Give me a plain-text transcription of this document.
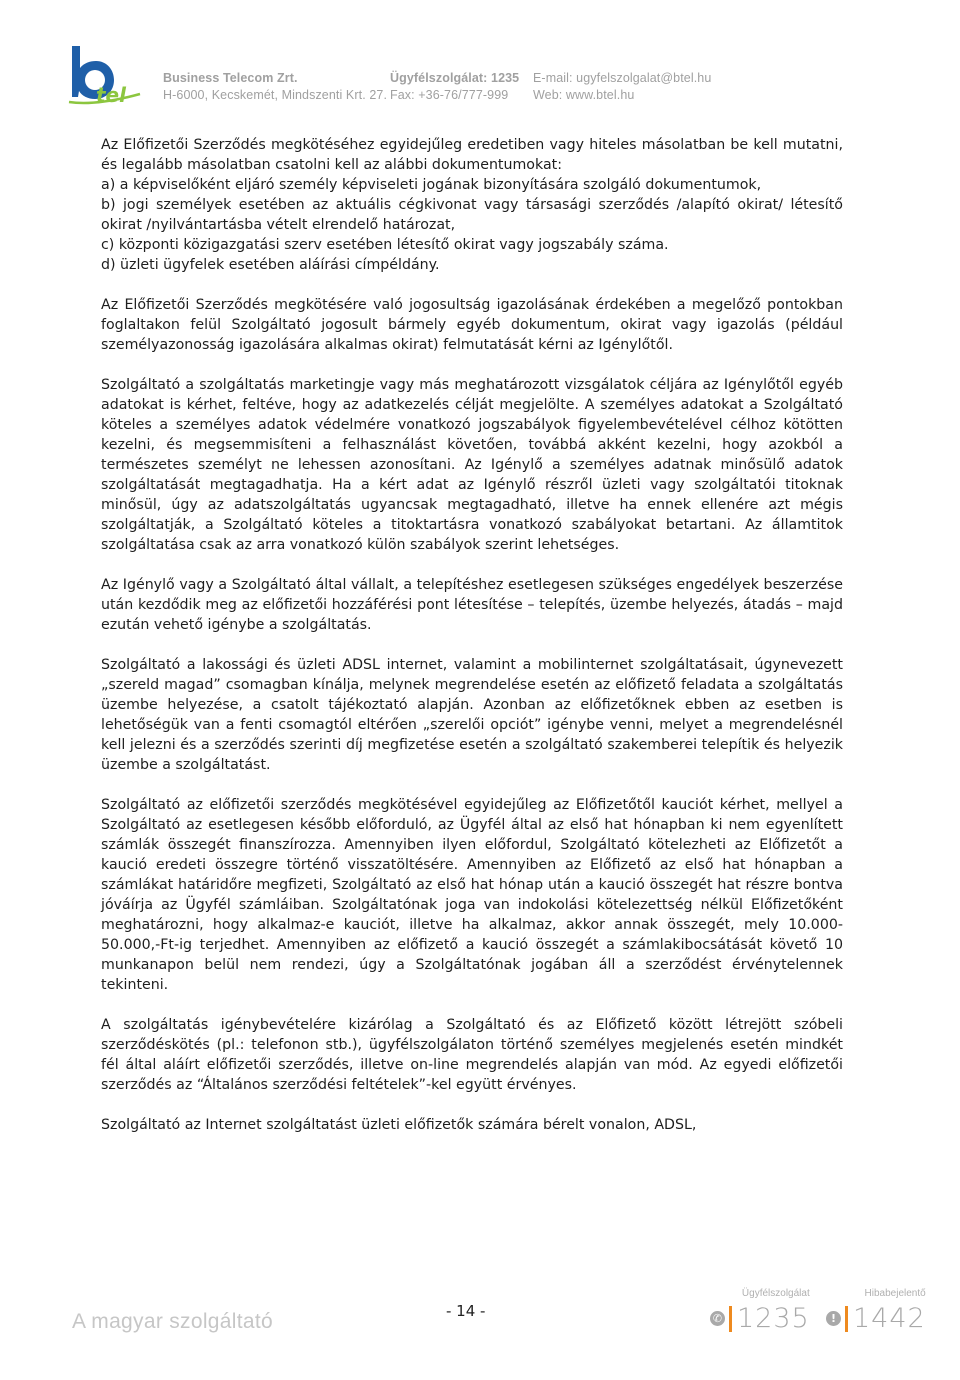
tel
Business Telecom Zrt.
H-6000, Kecskemét, Mindszenti Krt. 27.
Ügyfélszolgálat: 1235
Fax: +36-76/777-999
E-mail: ugyfelszolgalat@btel.hu
Web: www.btel.hu

Az Előfizetői Szerződés megkötéséhez egyidejűleg eredetiben vagy hiteles másolatban be kell mutatni, és legalább másolatban csatolni kell az alábbi dokumentumokat:

a) a képviselőként eljáró személy képviseleti jogának bizonyítására szolgáló dokumentumok,
b) jogi személyek esetében az aktuális cégkivonat vagy társasági szerződés /alapító okirat/ létesítő okirat /nyilvántartásba vételt elrendelő határozat,
c) központi közigazgatási szerv esetében létesítő okirat vagy jogszabály száma.
d) üzleti ügyfelek esetében aláírási címpéldány.

Az Előfizetői Szerződés megkötésére való jogosultság igazolásának érdekében a megelőző pontokban foglaltakon felül Szolgáltató jogosult bármely egyéb dokumentum, okirat vagy igazolás (például személyazonosság igazolására alkalmas okirat) felmutatását kérni az Igénylőtől.

Szolgáltató a szolgáltatás marketingje vagy más meghatározott vizsgálatok céljára az Igénylőtől egyéb adatokat is kérhet, feltéve, hogy az adatkezelés célját megjelölte. A személyes adatokat a Szolgáltató köteles a személyes adatok védelmére vonatkozó jogszabályok figyelembevételével célhoz kötötten kezelni, és megsemmisíteni a felhasználást követően, továbbá akként kezelni, hogy azokból a természetes személyt ne lehessen azonosítani. Az Igénylő a személyes adatnak minősülő adatok szolgáltatását megtagadhatja. Ha a kért adat az Igénylő részről üzleti vagy szolgáltatói titoknak minősül, úgy az adatszolgáltatás ugyancsak megtagadható, illetve ha ennek ellenére azt mégis szolgáltatják, a Szolgáltató köteles a titoktartásra vonatkozó szabályokat betartani. Az államtitok szolgáltatása csak az arra vonatkozó külön szabályok szerint lehetséges.

Az Igénylő vagy a Szolgáltató által vállalt, a telepítéshez esetlegesen szükséges engedélyek beszerzése után kezdődik meg az előfizetői hozzáférési pont létesítése – telepítés, üzembe helyezés, átadás – majd ezután vehető igénybe a szolgáltatás.

Szolgáltató a lakossági és üzleti ADSL internet, valamint a mobilinternet szolgáltatásait, úgynevezett „szereld magad” csomagban kínálja, melynek megrendelése esetén az előfizető feladata a szolgáltatás üzembe helyezése, a csatolt tájékoztató alapján. Azonban az előfizetőknek ebben az esetben is lehetőségük van a fenti csomagtól eltérően „szerelői opciót” igénybe venni, melyet a megrendelésnél kell jelezni és a szerződés szerinti díj megfizetése esetén a szolgáltató szakemberei telepítik és helyezik üzembe a szolgáltatást.

Szolgáltató az előfizetői szerződés megkötésével egyidejűleg az Előfizetőtől kauciót kérhet, mellyel a Szolgáltató az esetlegesen később előforduló, az Ügyfél által az első hat hónapban ki nem egyenlített számlák összegét finanszírozza. Amennyiben ilyen előfordul, Szolgáltató kötelezheti az Előfizetőt a kaució eredeti összegre történő visszatöltésére. Amennyiben az Előfizető az első hat hónapban a számlákat határidőre megfizeti, Szolgáltató az első hat hónap után a kaució összegét hat részre bontva jóváírja az Ügyfél számláiban. Szolgáltatónak joga van indokolási kötelezettség nélkül Előfizetőként meghatározni, hogy alkalmaz-e kauciót, illetve ha alkalmaz, akkor annak összegét, mely 10.000-50.000,-Ft-ig terjedhet. Amennyiben az előfizető a kaució összegét a számlakibocsátását követő 10 munkanapon belül nem rendezi, úgy a Szolgáltatónak jogában áll a szerződést érvénytelennek tekinteni.

A szolgáltatás igénybevételére kizárólag a Szolgáltató és az Előfizető között létrejött szóbeli szerződéskötés (pl.: telefonon stb.), ügyfélszolgálaton történő személyes megjelenés esetén mindkét fél által aláírt előfizetői szerződés, illetve on-line megrendelés alapján van mód. Az egyedi előfizetői szerződés az “Általános szerződési feltételek”-kel együtt érvényes.

Szolgáltató az Internet szolgáltatást üzleti előfizetők számára bérelt vonalon, ADSL,

A magyar szolgáltató	- 14 -
Ügyfélszolgálat
✆ 1235
Hibabejelentő
! 1442
